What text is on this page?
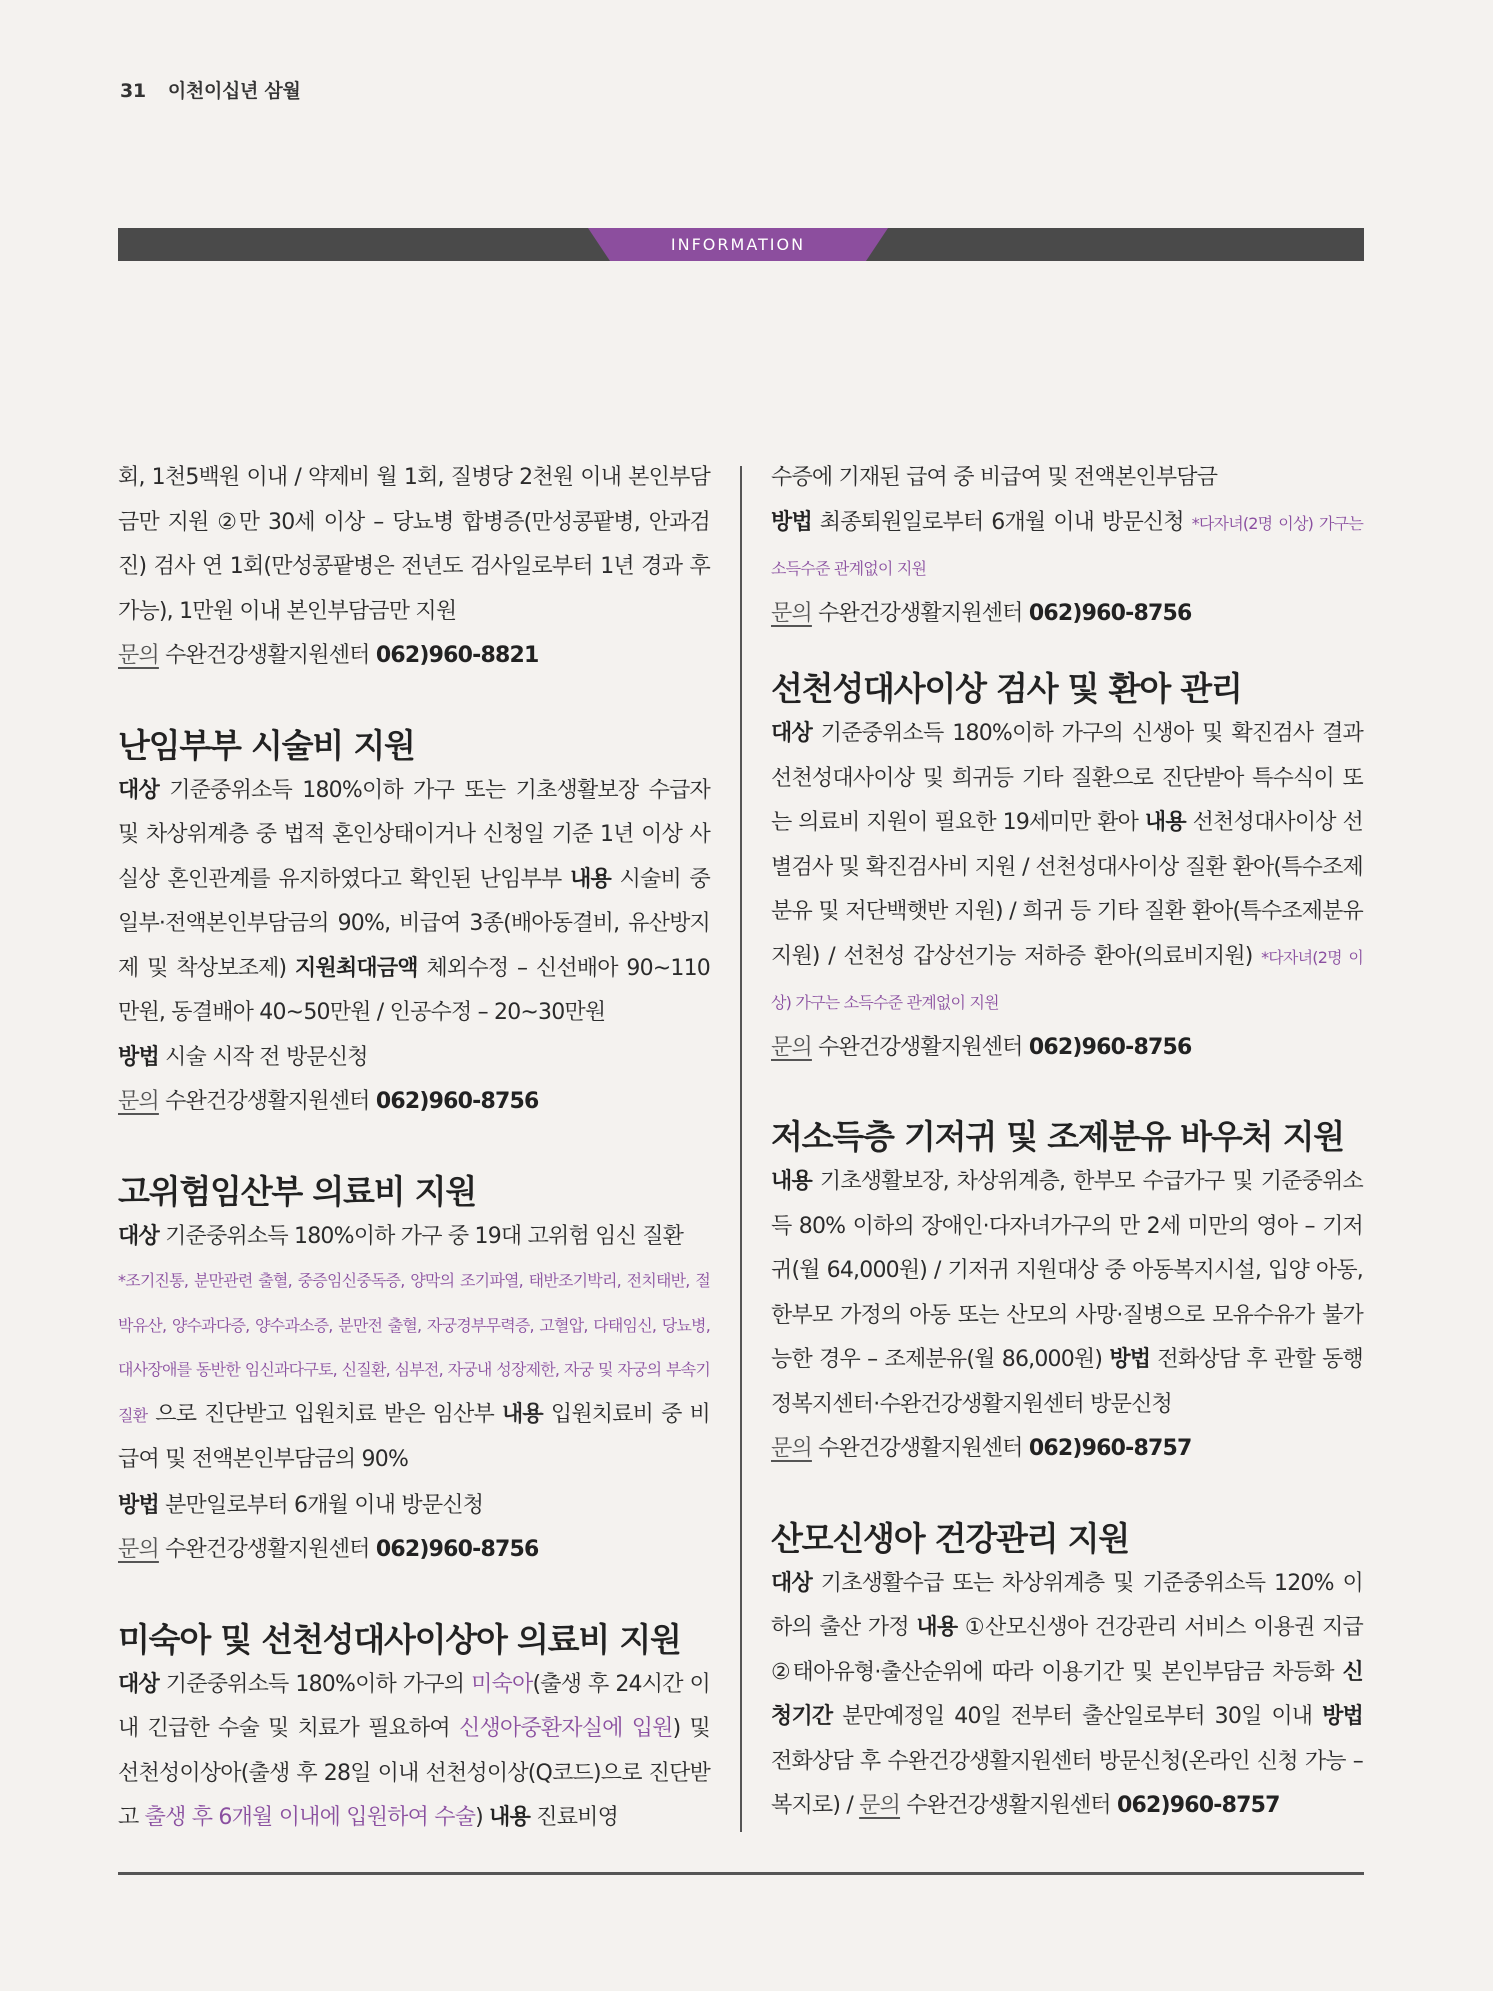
31 이천이십년 삼월
INFORMATION

회, 1천5백원 이내 / 약제비 월 1회, 질병당 2천원 이내 본인부담금만 지원 ②만 30세 이상 – 당뇨병 합병증(만성콩팥병, 안과검진) 검사 연 1회(만성콩팥병은 전년도 검사일로부터 1년 경과 후 가능), 1만원 이내 본인부담금만 지원

문의 수완건강생활지원센터 062)960-8821

난임부부 시술비 지원

대상 기준중위소득 180%이하 가구 또는 기초생활보장 수급자 및 차상위계층 중 법적 혼인상태이거나 신청일 기준 1년 이상 사실상 혼인관계를 유지하였다고 확인된 난임부부 내용 시술비 중 일부·전액본인부담금의 90%, 비급여 3종(배아동결비, 유산방지제 및 착상보조제) 지원최대금액 체외수정 – 신선배아 90~110만원, 동결배아 40~50만원 / 인공수정 – 20~30만원

방법 시술 시작 전 방문신청

문의 수완건강생활지원센터 062)960-8756

고위험임산부 의료비 지원

대상 기준중위소득 180%이하 가구 중 19대 고위험 임신 질환

*조기진통, 분만관련 출혈, 중증임신중독증, 양막의 조기파열, 태반조기박리, 전치태반, 절박유산, 양수과다증, 양수과소증, 분만전 출혈, 자궁경부무력증, 고혈압, 다태임신, 당뇨병, 대사장애를 동반한 임신과다구토, 신질환, 심부전, 자궁내 성장제한, 자궁 및 자궁의 부속기 질환 으로 진단받고 입원치료 받은 임산부 내용 입원치료비 중 비급여 및 전액본인부담금의 90%

방법 분만일로부터 6개월 이내 방문신청

문의 수완건강생활지원센터 062)960-8756

미숙아 및 선천성대사이상아 의료비 지원

대상 기준중위소득 180%이하 가구의 미숙아(출생 후 24시간 이내 긴급한 수술 및 치료가 필요하여 신생아중환자실에 입원) 및 선천성이상아(출생 후 28일 이내 선천성이상(Q코드)으로 진단받고 출생 후 6개월 이내에 입원하여 수술) 내용 진료비영

수증에 기재된 급여 중 비급여 및 전액본인부담금

방법 최종퇴원일로부터 6개월 이내 방문신청 *다자녀(2명 이상) 가구는 소득수준 관계없이 지원

문의 수완건강생활지원센터 062)960-8756

선천성대사이상 검사 및 환아 관리

대상 기준중위소득 180%이하 가구의 신생아 및 확진검사 결과 선천성대사이상 및 희귀등 기타 질환으로 진단받아 특수식이 또는 의료비 지원이 필요한 19세미만 환아 내용 선천성대사이상 선별검사 및 확진검사비 지원 / 선천성대사이상 질환 환아(특수조제분유 및 저단백햇반 지원) / 희귀 등 기타 질환 환아(특수조제분유 지원) / 선천성 갑상선기능 저하증 환아(의료비지원) *다자녀(2명 이상) 가구는 소득수준 관계없이 지원

문의 수완건강생활지원센터 062)960-8756

저소득층 기저귀 및 조제분유 바우처 지원

내용 기초생활보장, 차상위계층, 한부모 수급가구 및 기준중위소득 80% 이하의 장애인·다자녀가구의 만 2세 미만의 영아 – 기저귀(월 64,000원) / 기저귀 지원대상 중 아동복지시설, 입양 아동, 한부모 가정의 아동 또는 산모의 사망·질병으로 모유수유가 불가능한 경우 – 조제분유(월 86,000원) 방법 전화상담 후 관할 동행정복지센터·수완건강생활지원센터 방문신청

문의 수완건강생활지원센터 062)960-8757

산모신생아 건강관리 지원

대상 기초생활수급 또는 차상위계층 및 기준중위소득 120% 이하의 출산 가정 내용 ①산모신생아 건강관리 서비스 이용권 지급 ②태아유형·출산순위에 따라 이용기간 및 본인부담금 차등화 신청기간 분만예정일 40일 전부터 출산일로부터 30일 이내 방법 전화상담 후 수완건강생활지원센터 방문신청(온라인 신청 가능 – 복지로) / 문의 수완건강생활지원센터 062)960-8757
